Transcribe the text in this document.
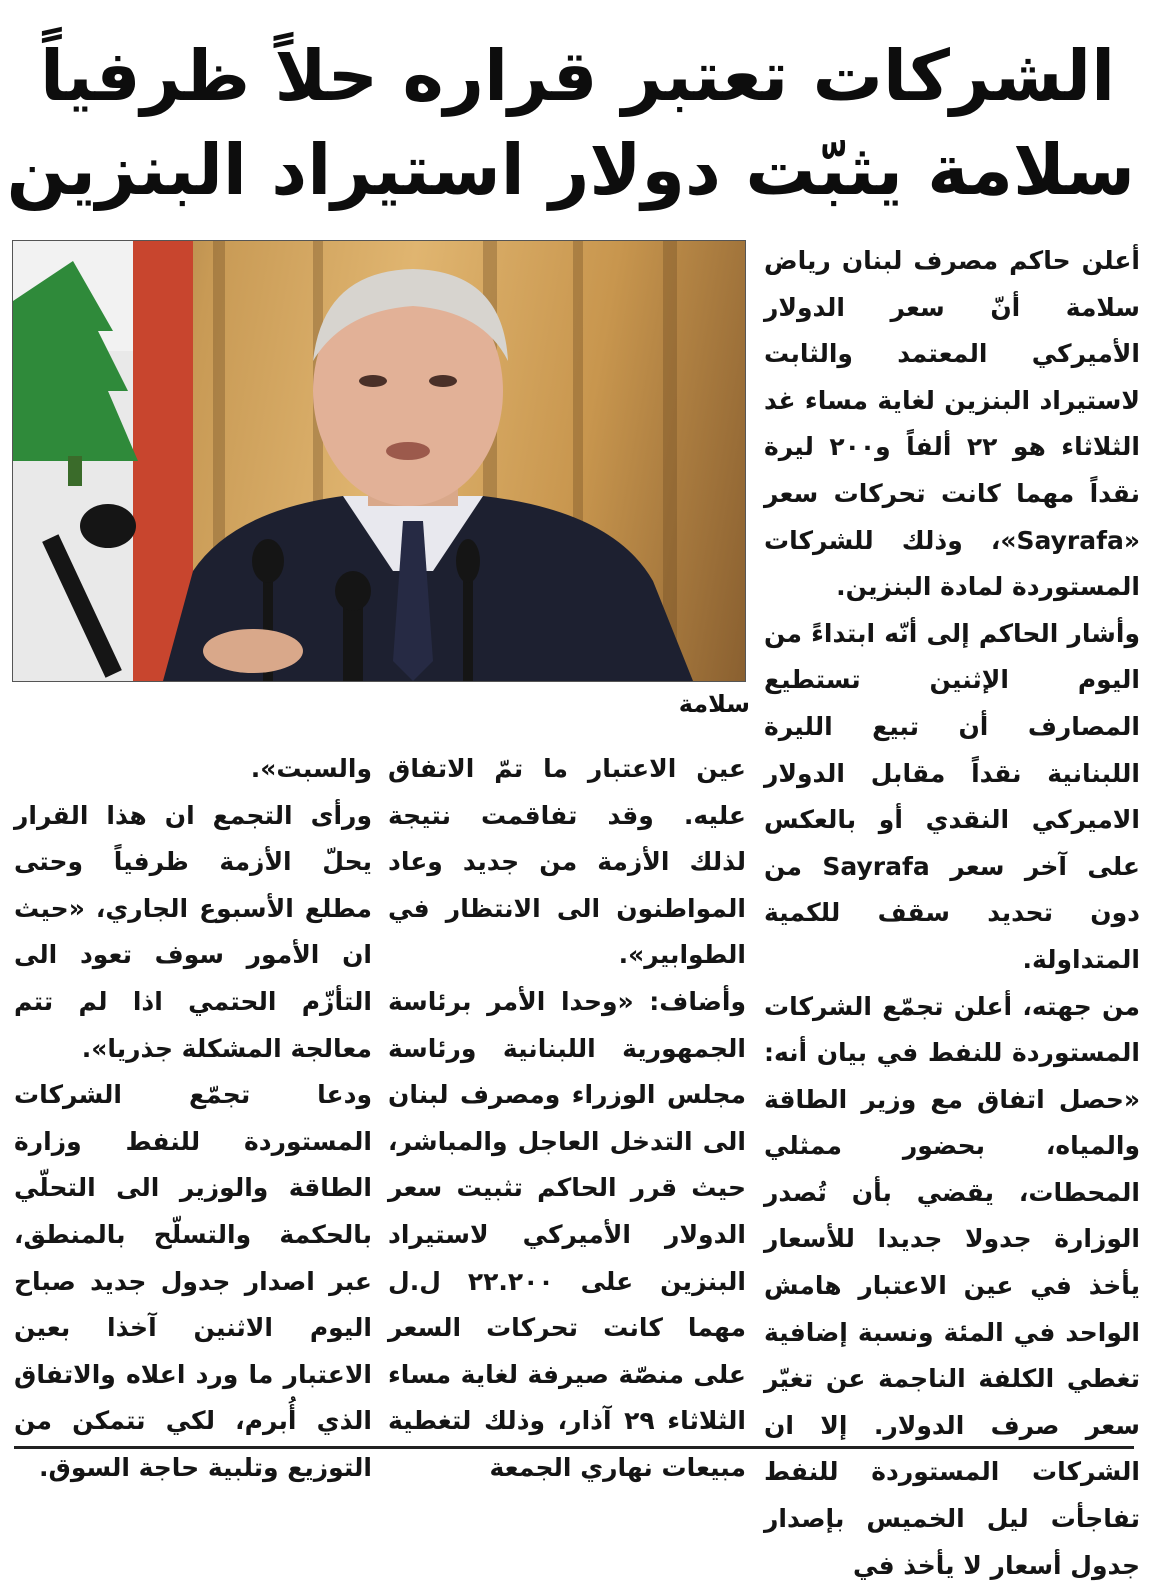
الشركات تعتبر قراره حلاً ظرفياً
سلامة يثبّت دولار استيراد البنزين
سلامة

أعلن حاكم مصرف لبنان رياض سلامة أنّ سعر الدولار الأميركي المعتمد والثابت لاستيراد البنزين لغاية مساء غد الثلاثاء هو ٢٢ ألفاً و٢٠٠ ليرة نقداً مهما كانت تحركات سعر «Sayrafa»، وذلك للشركات المستوردة لمادة البنزين.

وأشار الحاكم إلى أنّه ابتداءً من اليوم الإثنين تستطيع المصارف أن تبيع الليرة اللبنانية نقداً مقابل الدولار الاميركي النقدي أو بالعكس على آخر سعر Sayrafa من دون تحديد سقف للكمية المتداولة.

من جهته، أعلن تجمّع الشركات المستوردة للنفط في بيان أنه: «حصل اتفاق مع وزير الطاقة والمياه، بحضور ممثلي المحطات، يقضي بأن تُصدر الوزارة جدولا جديدا للأسعار يأخذ في عين الاعتبار هامش الواحد في المئة ونسبة إضافية تغطي الكلفة الناجمة عن تغيّر سعر صرف الدولار. إلا ان الشركات المستوردة للنفط تفاجأت ليل الخميس بإصدار جدول أسعار لا يأخذ في

عين الاعتبار ما تمّ الاتفاق عليه. وقد تفاقمت نتيجة لذلك الأزمة من جديد وعاد المواطنون الى الانتظار في الطوابير».

وأضاف: «وحدا الأمر برئاسة الجمهورية اللبنانية ورئاسة مجلس الوزراء ومصرف لبنان الى التدخل العاجل والمباشر، حيث قرر الحاكم تثبيت سعر الدولار الأميركي لاستيراد البنزين على ٢٢.٢٠٠ ل.ل مهما كانت تحركات السعر على منصّة صيرفة لغاية مساء الثلاثاء ٢٩ آذار، وذلك لتغطية مبيعات نهاري الجمعة

والسبت».

ورأى التجمع ان هذا القرار يحلّ الأزمة ظرفياً وحتى مطلع الأسبوع الجاري، «حيث ان الأمور سوف تعود الى التأزّم الحتمي اذا لم تتم معالجة المشكلة جذريا».

ودعا تجمّع الشركات المستوردة للنفط وزارة الطاقة والوزير الى التحلّي بالحكمة والتسلّح بالمنطق، عبر اصدار جدول جديد صباح اليوم الاثنين آخذا بعين الاعتبار ما ورد اعلاه والاتفاق الذي أُبرم، لكي تتمكن من التوزيع وتلبية حاجة السوق.
